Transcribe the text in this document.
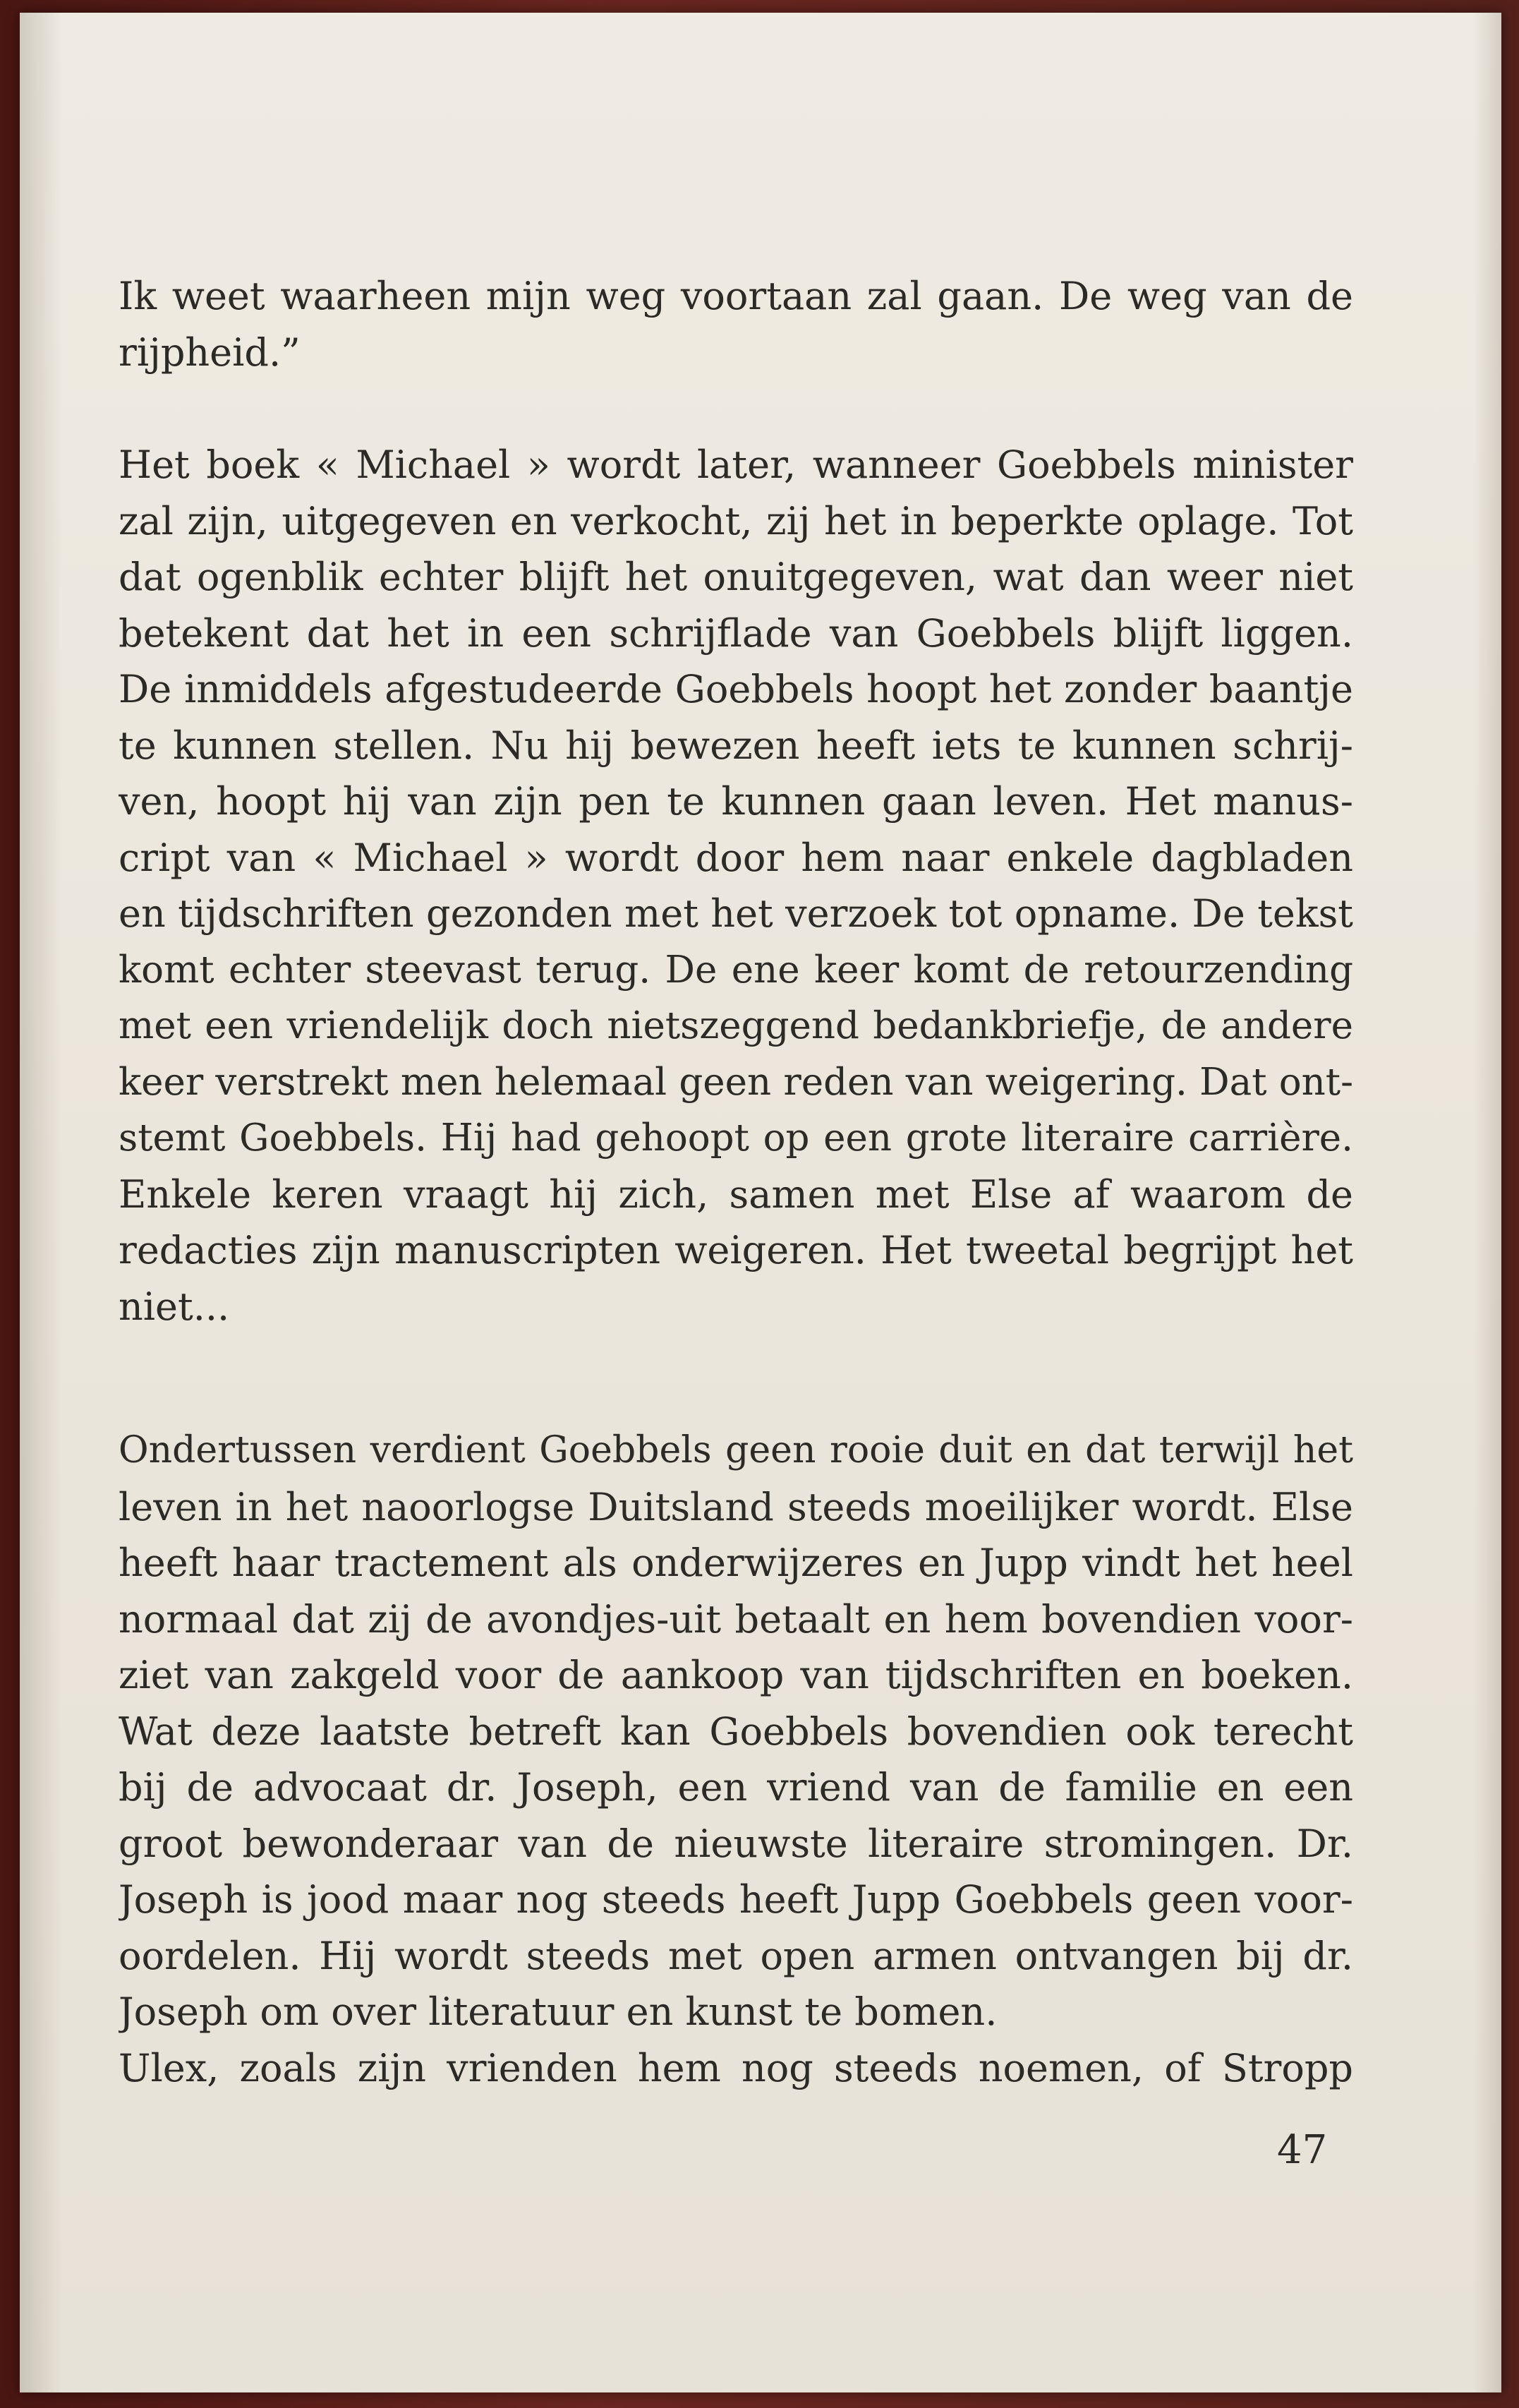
Ik weet waarheen mijn weg voortaan zal gaan. De weg van de
rijpheid.”
Het boek « Michael » wordt later, wanneer Goebbels minister
zal zijn, uitgegeven en verkocht, zij het in beperkte oplage. Tot
dat ogenblik echter blijft het onuitgegeven, wat dan weer niet
betekent dat het in een schrijflade van Goebbels blijft liggen.
De inmiddels afgestudeerde Goebbels hoopt het zonder baantje
te kunnen stellen. Nu hij bewezen heeft iets te kunnen schrij-
ven, hoopt hij van zijn pen te kunnen gaan leven. Het manus-
cript van « Michael » wordt door hem naar enkele dagbladen
en tijdschriften gezonden met het verzoek tot opname. De tekst
komt echter steevast terug. De ene keer komt de retourzending
met een vriendelijk doch nietszeggend bedankbriefje, de andere
keer verstrekt men helemaal geen reden van weigering. Dat ont-
stemt Goebbels. Hij had gehoopt op een grote literaire carrière.
Enkele keren vraagt hij zich, samen met Else af waarom de
redacties zijn manuscripten weigeren. Het tweetal begrijpt het
niet...
Ondertussen verdient Goebbels geen rooie duit en dat terwijl het
leven in het naoorlogse Duitsland steeds moeilijker wordt. Else
heeft haar tractement als onderwijzeres en Jupp vindt het heel
normaal dat zij de avondjes-uit betaalt en hem bovendien voor-
ziet van zakgeld voor de aankoop van tijdschriften en boeken.
Wat deze laatste betreft kan Goebbels bovendien ook terecht
bij de advocaat dr. Joseph, een vriend van de familie en een
groot bewonderaar van de nieuwste literaire stromingen. Dr.
Joseph is jood maar nog steeds heeft Jupp Goebbels geen voor-
oordelen. Hij wordt steeds met open armen ontvangen bij dr.
Joseph om over literatuur en kunst te bomen.
Ulex, zoals zijn vrienden hem nog steeds noemen, of Stropp
47
